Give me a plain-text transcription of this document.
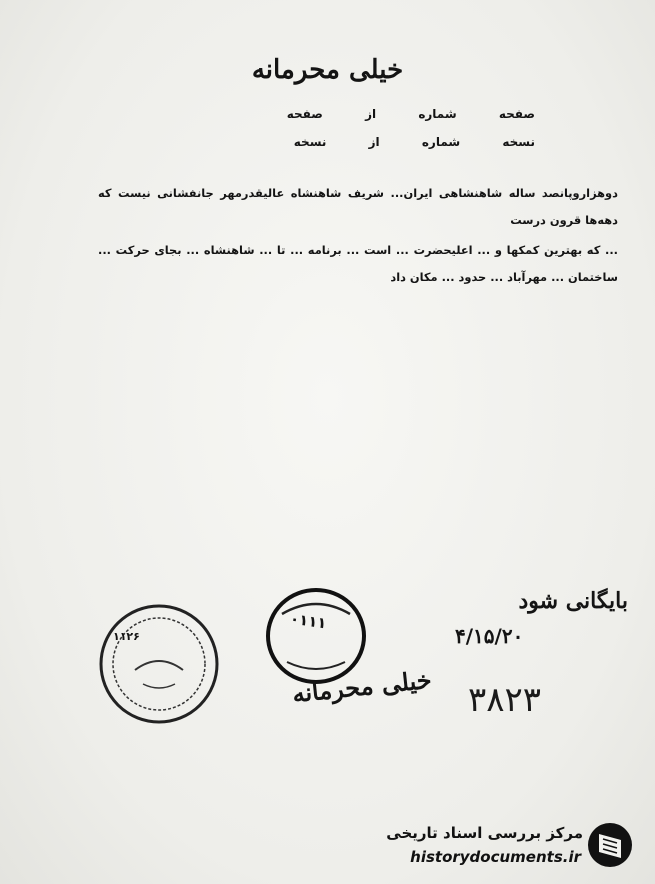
خیلی محرمانه
صفحه شماره از صفحه
نسخه شماره از نسخه

دوهزاروپانصد ساله شاهنشاهی ایران... شریف شاهنشاه عالیقدرمهر جانفشانی نیست که دهه‌ها قرون درست

... که بهترین کمکها و ... اعلیحضرت ... است ... برنامه ... تا ... شاهنشاه ... بجای حرکت ... ساختمان ... مهرآباد ... حدود ... مکان داد

۱۱۲۶
۰۱۱۱
بایگانی شود
۴/۱۵/۲۰
خیلی محرمانه ۳۸۲۳
مرکز بررسی اسناد تاریخی
historydocuments.ir
